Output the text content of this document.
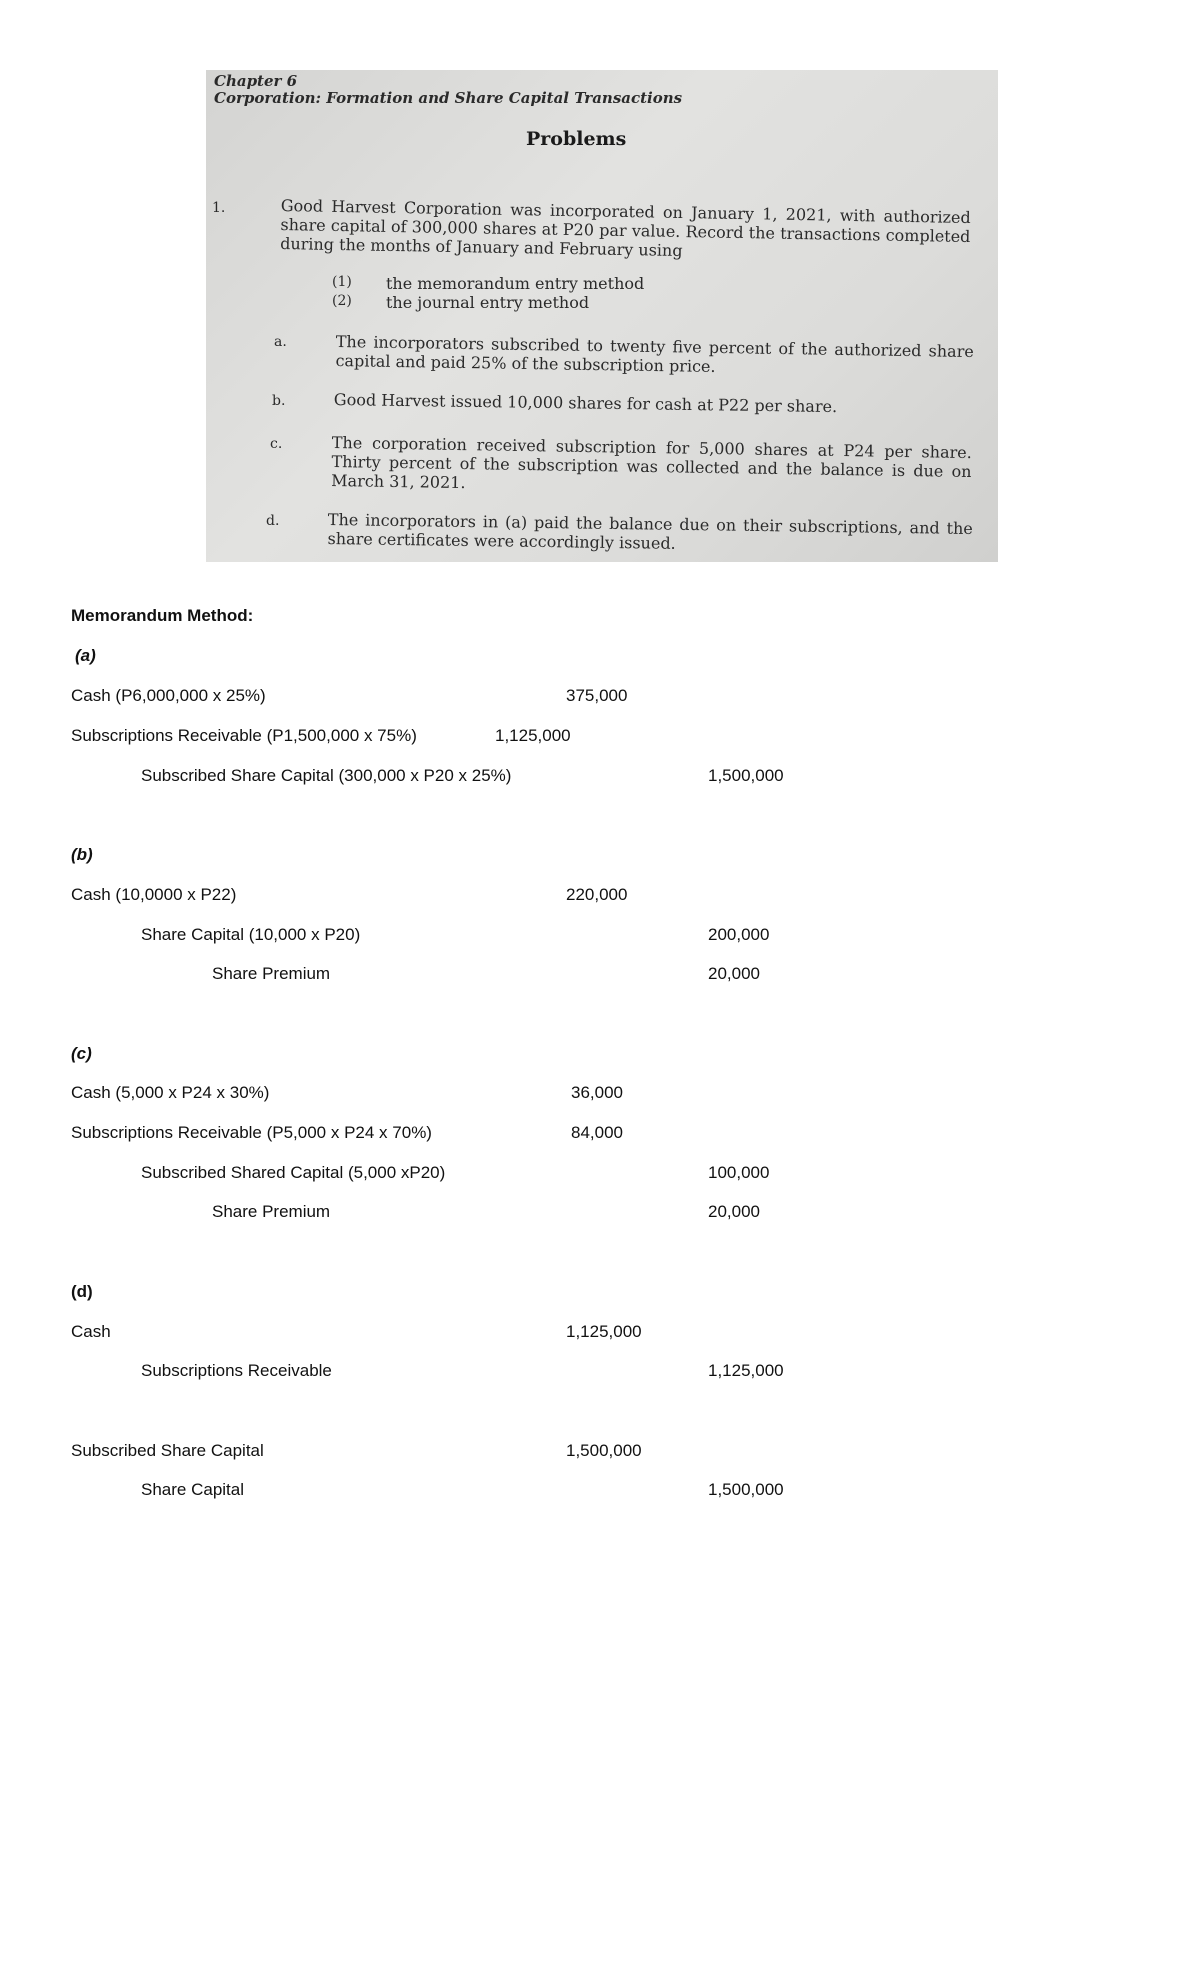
Chapter 6
Corporation: Formation and Share Capital Transactions
Problems
1.	Good Harvest Corporation was incorporated on January 1, 2021, with authorized share capital of 300,000 shares at P20 par value. Record the transactions completed during the months of January and February using
(1) the memorandum entry method
(2) the journal entry method
a.	The incorporators subscribed to twenty five percent of the authorized share capital and paid 25% of the subscription price.
b.	Good Harvest issued 10,000 shares for cash at P22 per share.
c.	The corporation received subscription for 5,000 shares at P24 per share. Thirty percent of the subscription was collected and the balance is due on March 31, 2021.
d.	The incorporators in (a) paid the balance due on their subscriptions, and the share certificates were accordingly issued.
Memorandum Method:
(a)
Cash (P6,000,000 x 25%)	375,000
Subscriptions Receivable (P1,500,000 x 75%)	1,125,000
Subscribed Share Capital (300,000 x P20 x 25%)	1,500,000
(b)
Cash (10,0000 x P22)	220,000
Share Capital (10,000 x P20)	200,000
Share Premium	20,000
(c)
Cash (5,000 x P24 x 30%)	36,000
Subscriptions Receivable (P5,000 x P24 x 70%)	84,000
Subscribed Shared Capital (5,000 xP20)	100,000
Share Premium	20,000
(d)
Cash	1,125,000
Subscriptions Receivable	1,125,000
Subscribed Share Capital	1,500,000
Share Capital	1,500,000
